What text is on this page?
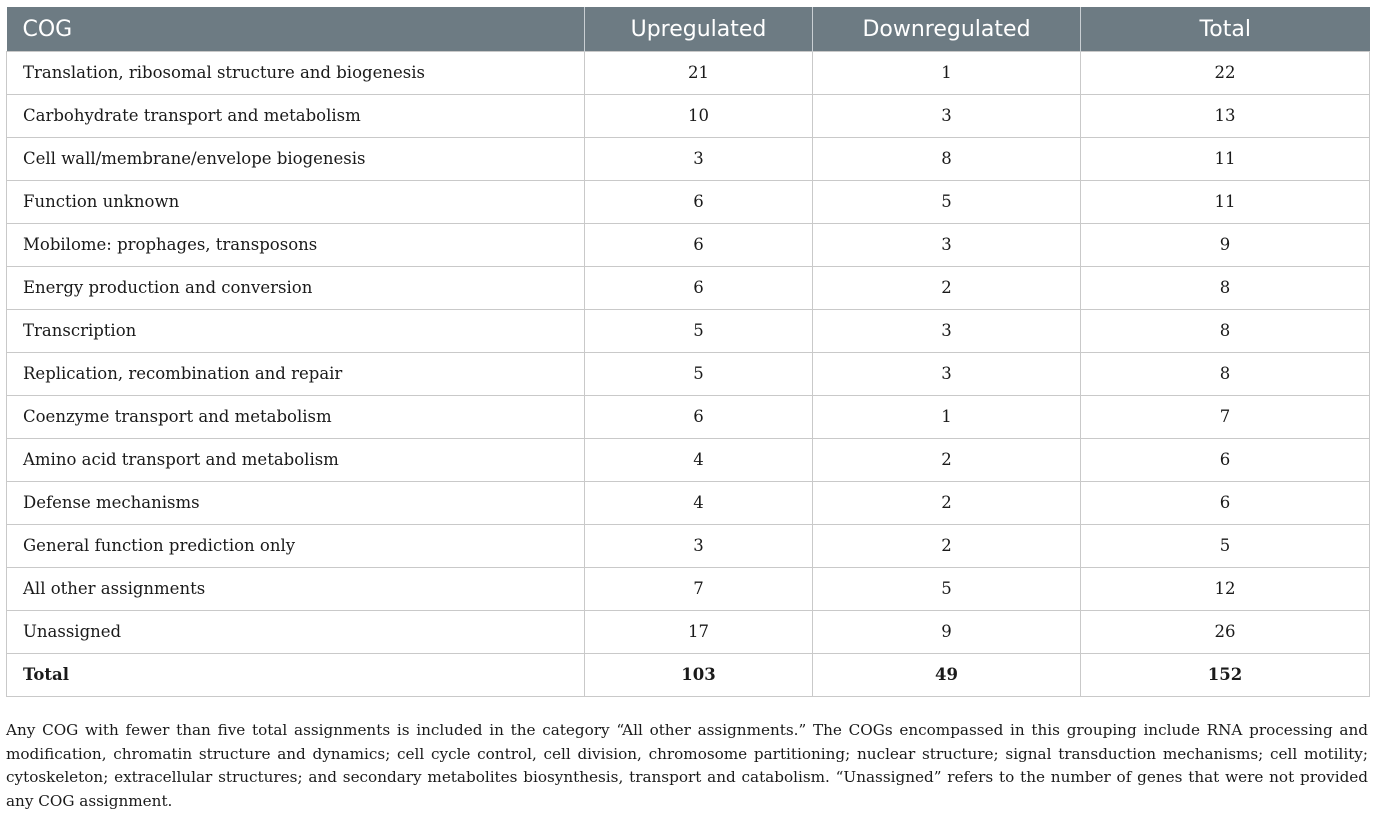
COG	Upregulated	Downregulated	Total
Translation, ribosomal structure and biogenesis	21	1	22
Carbohydrate transport and metabolism	10	3	13
Cell wall/membrane/envelope biogenesis	3	8	11
Function unknown	6	5	11
Mobilome: prophages, transposons	6	3	9
Energy production and conversion	6	2	8
Transcription	5	3	8
Replication, recombination and repair	5	3	8
Coenzyme transport and metabolism	6	1	7
Amino acid transport and metabolism	4	2	6
Defense mechanisms	4	2	6
General function prediction only	3	2	5
All other assignments	7	5	12
Unassigned	17	9	26
Total	103	49	152

Any COG with fewer than five total assignments is included in the category “All other assignments.” The COGs encompassed in this grouping include RNA processing and modification, chromatin structure and dynamics; cell cycle control, cell division, chromosome partitioning; nuclear structure; signal transduction mechanisms; cell motility; cytoskeleton; extracellular structures; and secondary metabolites biosynthesis, transport and catabolism. “Unassigned” refers to the number of genes that were not provided any COG assignment.
